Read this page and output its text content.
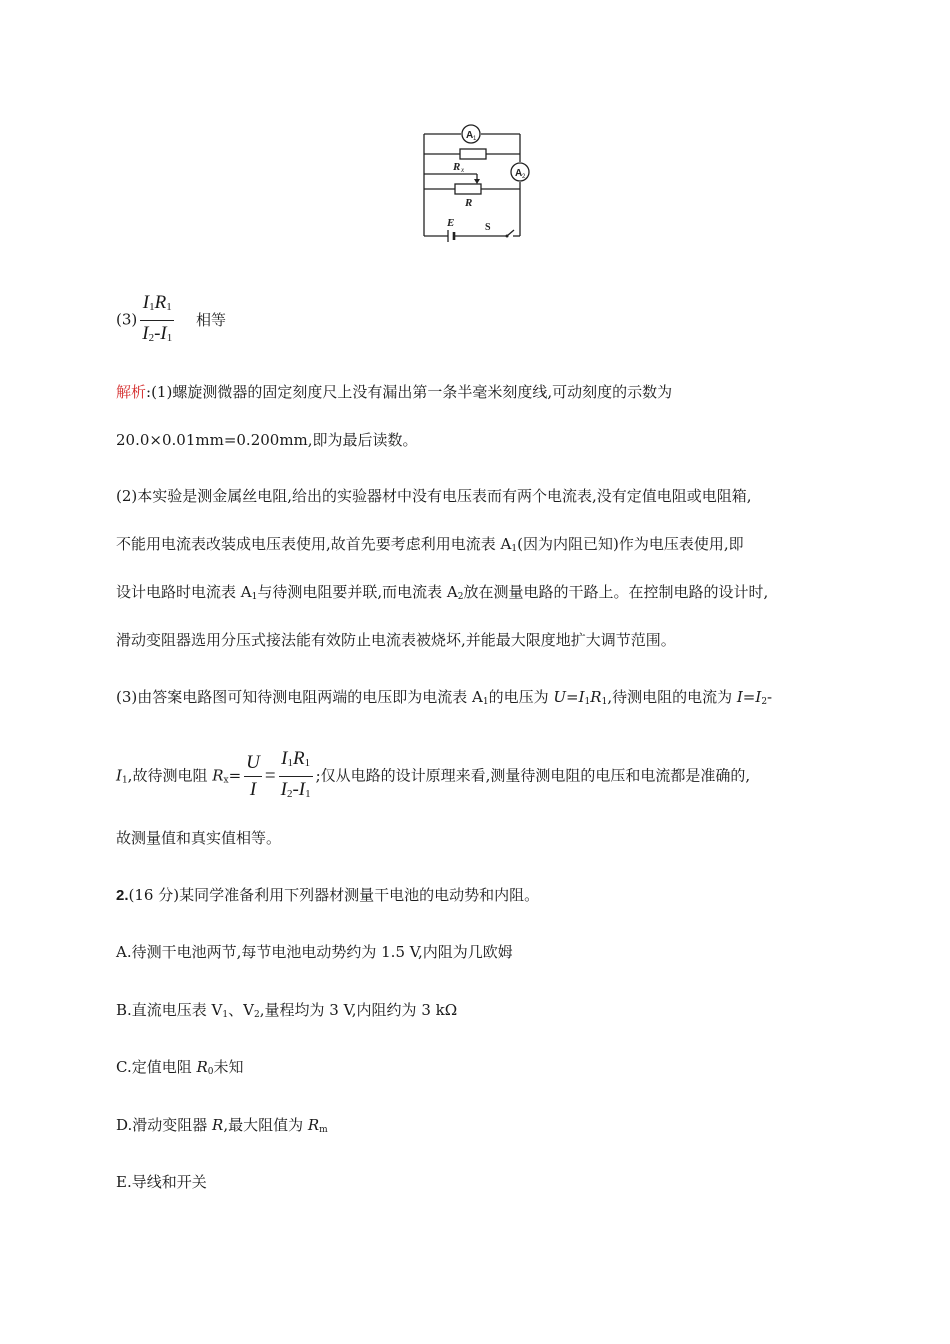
A 1
R x	A 2
R
E	S
$(3) \frac{I_1R_1}{I_2-I_1}$ 相等
解析:(1)螺旋测微器的固定刻度尺上没有漏出第一条半毫米刻度线,可动刻度的示数为
20.0×0.01mm=0.200mm,即为最后读数。
(2)本实验是测金属丝电阻,给出的实验器材中没有电压表而有两个电流表,没有定值电阻或电阻箱,
不能用电流表改装成电压表使用,故首先要考虑利用电流表 $A_1$(因为内阻已知)作为电压表使用,即
设计电路时电流表 $A_1$与待测电阻要并联,而电流表 $A_2$放在测量电路的干路上。在控制电路的设计时,
滑动变阻器选用分压式接法能有效防止电流表被烧坏,并能最大限度地扩大调节范围。
(3)由答案电路图可知待测电阻两端的电压即为电流表 $A_1$的电压为 $U=I_1R_1$,待测电阻的电流为 $I=I_2-$
$I_1$,故待测电阻 $R_x= \frac{U}{I} = \frac{I_1R_1}{I_2-I_1}$ ;仅从电路的设计原理来看,测量待测电阻的电压和电流都是准确的,
故测量值和真实值相等。
2.(16 分)某同学准备利用下列器材测量干电池的电动势和内阻。
A.待测干电池两节,每节电池电动势约为 1.5 V,内阻为几欧姆
B.直流电压表 $V_1$、$V_2$,量程均为 3 V,内阻约为 3 kΩ
C.定值电阻 $R_0$未知
D.滑动变阻器 R,最大阻值为 $R_m$
E.导线和开关
